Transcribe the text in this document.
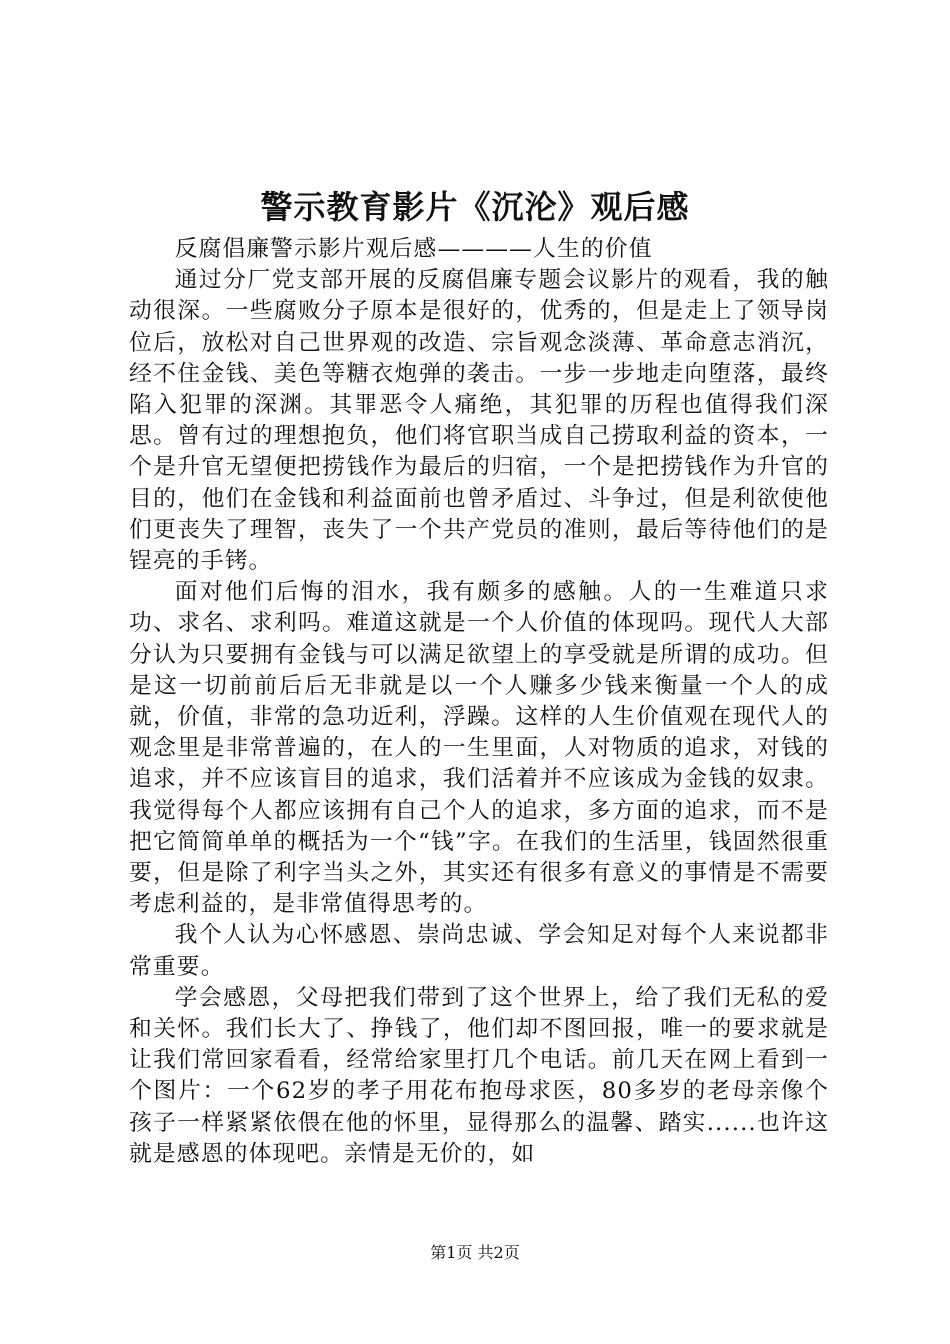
警示教育影片《沉沦》观后感

反腐倡廉警示影片观后感————人生的价值

通过分厂党支部开展的反腐倡廉专题会议影片的观看，我的触动很深。一些腐败分子原本是很好的，优秀的，但是走上了领导岗位后，放松对自己世界观的改造、宗旨观念淡薄、革命意志消沉，经不住金钱、美色等糖衣炮弹的袭击。一步一步地走向堕落，最终陷入犯罪的深渊。其罪恶令人痛绝，其犯罪的历程也值得我们深思。曾有过的理想抱负，他们将官职当成自己捞取利益的资本，一个是升官无望便把捞钱作为最后的归宿，一个是把捞钱作为升官的目的，他们在金钱和利益面前也曾矛盾过、斗争过，但是利欲使他们更丧失了理智，丧失了一个共产党员的准则，最后等待他们的是锃亮的手铐。

面对他们后悔的泪水，我有颇多的感触。人的一生难道只求功、求名、求利吗。难道这就是一个人价值的体现吗。现代人大部分认为只要拥有金钱与可以满足欲望上的享受就是所谓的成功。但是这一切前前后后无非就是以一个人赚多少钱来衡量一个人的成就，价值，非常的急功近利，浮躁。这样的人生价值观在现代人的观念里是非常普遍的，在人的一生里面，人对物质的追求，对钱的追求，并不应该盲目的追求，我们活着并不应该成为金钱的奴隶。我觉得每个人都应该拥有自己个人的追求，多方面的追求，而不是把它简简单单的概括为一个“钱”字。在我们的生活里，钱固然很重要，但是除了利字当头之外，其实还有很多有意义的事情是不需要考虑利益的，是非常值得思考的。

我个人认为心怀感恩、崇尚忠诚、学会知足对每个人来说都非常重要。

学会感恩，父母把我们带到了这个世界上，给了我们无私的爱和关怀。我们长大了、挣钱了，他们却不图回报，唯一的要求就是让我们常回家看看，经常给家里打几个电话。前几天在网上看到一个图片：一个62岁的孝子用花布抱母求医，80多岁的老母亲像个孩子一样紧紧依偎在他的怀里，显得那么的温馨、踏实......也许这就是感恩的体现吧。亲情是无价的，如

第1页 共2页
